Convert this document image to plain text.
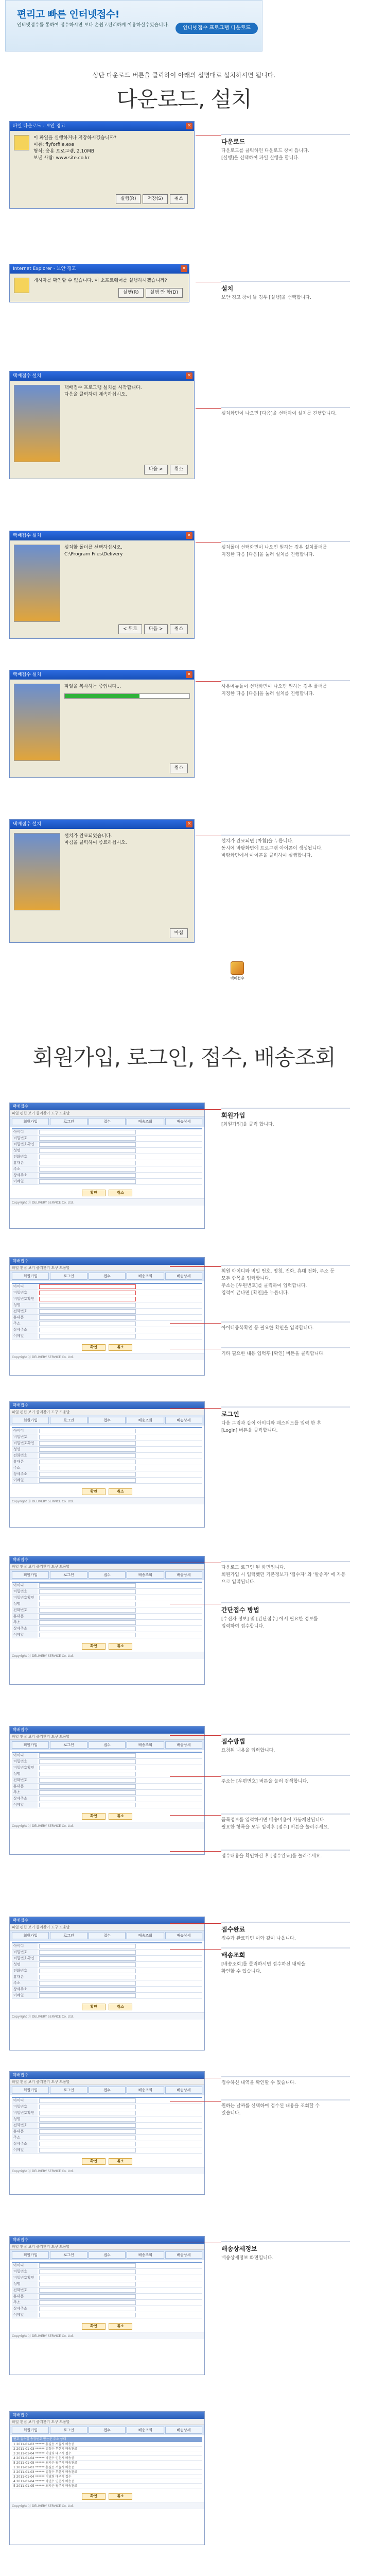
편리고 빠른 인터넷접수!
인터넷접수를 통하여 접수하시면 보다 손쉽고편리하게 이용하실수있습니다.	인터넷접수 프로그램 다운로드
상단 다운로드 버튼을 클릭하여 아래의 설명대로 설치하시면 됩니다.
다운로드, 설치
파일 다운로드 - 보안 경고	×
이 파일을 실행하거나 저장하시겠습니까?
이름: flyforfile.exe
형식: 응용 프로그램, 2.10MB
보낸 사람: www.site.co.kr
실행(R) 저장(S) 취소
Internet Explorer - 보안 경고	×
게시자를 확인할 수 없습니다. 이 소프트웨어를 실행하시겠습니까?
실행(R) 실행 안 함(D)
택배접수 설치	×
택배접수 프로그램 설치를 시작합니다.
다음을 클릭하여 계속하십시오.
다음 > 취소
택배접수 설치	×
설치할 폴더를 선택하십시오.
C:\Program Files\Delivery
< 뒤로 다음 > 취소
택배접수 설치	×
파일을 복사하는 중입니다...
취소
택배접수 설치	×
설치가 완료되었습니다.
마침을 클릭하여 종료하십시오.
마침
다운로드
다운로드를 클릭하면 다운로드 창이 뜹니다.
[실행]을 선택하여 파일 실행을 합니다.
설치
보안 경고 창이 뜰 경우 [실행]을 선택합니다.
설치화면이 나오면 [다음]을 선택하여 설치를 진행합니다.
설치폴더 선택화면이 나오면 원하는 경우 설치폴더를
지정한 다음 [다음]을 눌러 설치를 진행합니다.
사용메뉴들이 선택화면이 나오면 원하는 경우 폴더를
지정한 다음 [다음]을 눌러 설치를 진행합니다.
설치가 완료되면 [마침]을 누릅니다.
동시에 바탕화면에 프로그램 아이콘이 생성됩니다.
바탕화면에서 아이콘을 클릭하여 실행합니다.
택배접수
회원가입, 로그인, 접수, 배송조회
택배접수
파일 편집 보기 즐겨찾기 도구 도움말
회원가입	로그인	접수	배송조회	배송상세
아이디
비밀번호
비밀번호확인
성명
전화번호
휴대폰
주소
상세주소
이메일
확인	취소
Copyright ⓒ DELIVERY SERVICE Co. Ltd.
택배접수
파일 편집 보기 즐겨찾기 도구 도움말
회원가입	로그인	접수	배송조회	배송상세
아이디
비밀번호
비밀번호확인
성명
전화번호
휴대폰
주소
상세주소
이메일
확인	취소
Copyright ⓒ DELIVERY SERVICE Co. Ltd.
택배접수
파일 편집 보기 즐겨찾기 도구 도움말
회원가입	로그인	접수	배송조회	배송상세
아이디
비밀번호
비밀번호확인
성명
전화번호
휴대폰
주소
상세주소
이메일
확인	취소
Copyright ⓒ DELIVERY SERVICE Co. Ltd.
택배접수
파일 편집 보기 즐겨찾기 도구 도움말
회원가입	로그인	접수	배송조회	배송상세
아이디
비밀번호
비밀번호확인
성명
전화번호
휴대폰
주소
상세주소
이메일
확인	취소
Copyright ⓒ DELIVERY SERVICE Co. Ltd.
택배접수
파일 편집 보기 즐겨찾기 도구 도움말
회원가입	로그인	접수	배송조회	배송상세
아이디
비밀번호
비밀번호확인
성명
전화번호
휴대폰
주소
상세주소
이메일
확인	취소
Copyright ⓒ DELIVERY SERVICE Co. Ltd.
택배접수
파일 편집 보기 즐겨찾기 도구 도움말
회원가입	로그인	접수	배송조회	배송상세
아이디
비밀번호
비밀번호확인
성명
전화번호
휴대폰
주소
상세주소
이메일
확인	취소
Copyright ⓒ DELIVERY SERVICE Co. Ltd.
택배접수
파일 편집 보기 즐겨찾기 도구 도움말
회원가입	로그인	접수	배송조회	배송상세
아이디
비밀번호
비밀번호확인
성명
전화번호
휴대폰
주소
상세주소
이메일
확인	취소
Copyright ⓒ DELIVERY SERVICE Co. Ltd.
택배접수
파일 편집 보기 즐겨찾기 도구 도움말
회원가입	로그인	접수	배송조회	배송상세
아이디
비밀번호
비밀번호확인
성명
전화번호
휴대폰
주소
상세주소
이메일
확인	취소
Copyright ⓒ DELIVERY SERVICE Co. Ltd.
택배접수
파일 편집 보기 즐겨찾기 도구 도움말
회원가입	로그인	접수	배송조회	배송상세
번호 접수일 송장번호 받는분 주소 상태
1 2011-01-03 ****** 홍길동 서울시 배송중
2 2011-01-03 ****** 김철수 부산시 배송완료
3 2011-01-04 ****** 이영희 대구시 접수
4 2011-01-04 ****** 박민수 인천시 배송중
5 2011-01-05 ****** 최지은 광주시 배송완료
1 2011-01-03 ****** 홍길동 서울시 배송중
2 2011-01-03 ****** 김철수 부산시 배송완료
3 2011-01-04 ****** 이영희 대구시 접수
4 2011-01-04 ****** 박민수 인천시 배송중
5 2011-01-05 ****** 최지은 광주시 배송완료
확인	취소
Copyright ⓒ DELIVERY SERVICE Co. Ltd.
회원가입
[회원가입]을 클릭 합니다.
회원 아이디와 비밀 번호, 명칭, 전화, 휴대 전화, 주소 등
모든 항목을 입력합니다.
주소는 [우편번호]를 클릭하여 입력합니다.
입력이 끝나면 [확인]을 누릅니다.
아이디중복확인 등 필요한 확인을 입력합니다.
기타 필요한 내용 입력후 [확인] 버튼을 클릭합니다.
로그인
다음 그림과 같이 아이디와 패스워드를 입력 한 후
[Login] 버튼을 클릭합니다.
다운로드 로그인 된 화면입니다.
회원가입 시 입력했던 기본정보가 '접수자' 와 '발송자' 에 자동으로 입력됩니다.
간단접수 방법
[수신자 정보] 및 [간단접수] 에서 필요한 정보를
입력하여 접수합니다.
접수방법
요청된 내용을 입력합니다.
주소는 [우편번호] 버튼을 눌러 검색합니다.
품목정보를 입력하시면 배송비용이 자동계산됩니다.
필요한 항목을 모두 입력후 [접수] 버튼을 눌러주세요.
접수내용을 확인하신 후 [접수완료]를 눌러주세요.
접수완료
접수가 완료되면 이와 같이 나옵니다.
배송조회
[배송조회]를 클릭하시면 접수하신 내역을
확인할 수 있습니다.
접수하신 내역을 확인할 수 있습니다.
원하는 날짜를 선택하여 접수된 내용을 조회할 수
있습니다.
배송상세정보
배송상세정보 화면입니다.
